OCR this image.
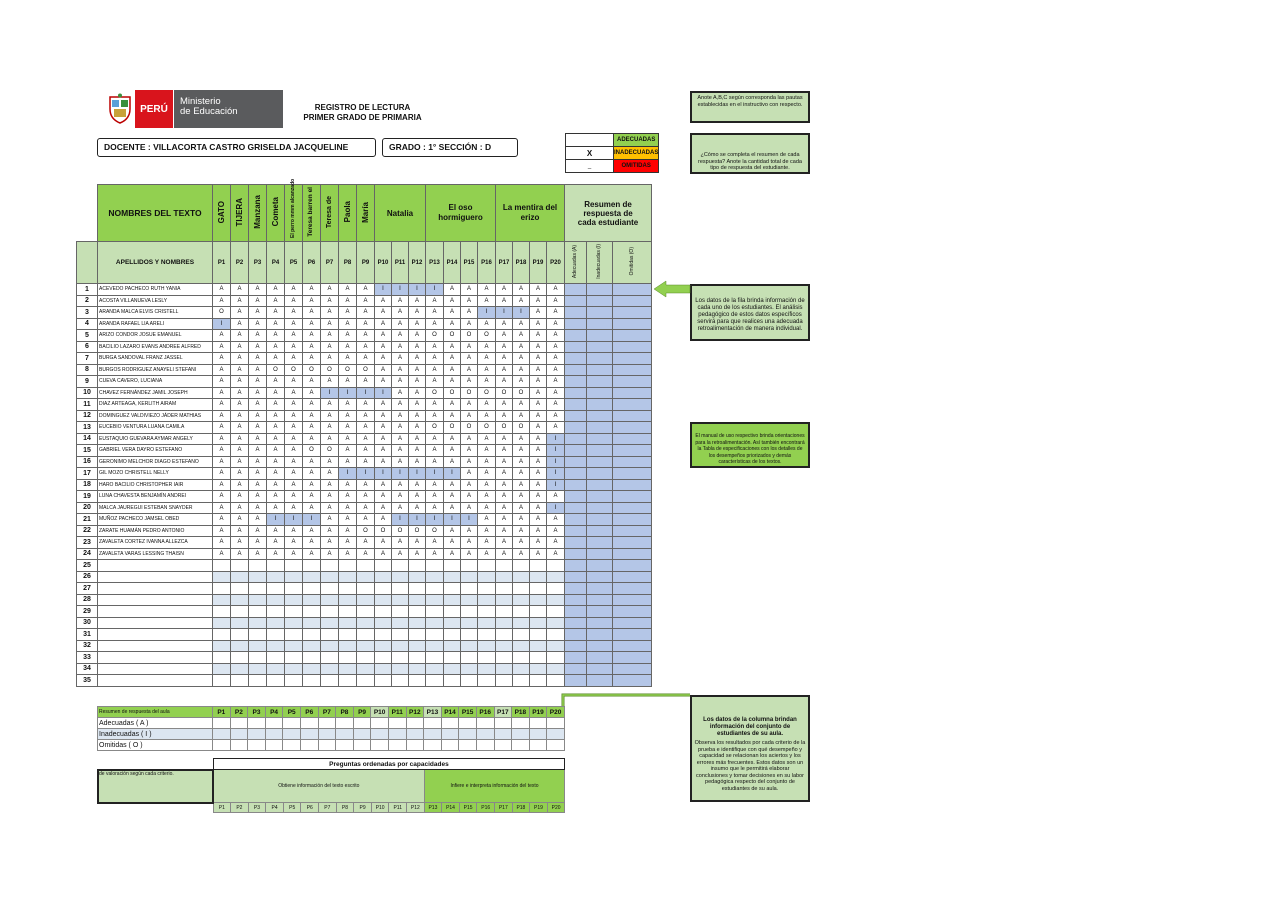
PERÚ
Ministerio
de Educación	REGISTRO DE LECTURA
PRIMER GRADO DE PRIMARIA
DOCENTE : VILLACORTA CASTRO GRISELDA JACQUELINE	GRADO : 1° SECCIÓN : D
	ADECUADAS
X	INADECUADAS
_	OMITIDAS
Anote A,B,C según corresponda las pautas establecidas en el instructivo con respecto.
¿Cómo se completa el resumen de cada respuesta? Anote la cantidad total de cada tipo de respuesta del estudiante.
Los datos de la fila brinda información de cada uno de los estudiantes. El análisis pedagógico de estos datos específicos servirá para que realices una adecuada retroalimentación de manera individual.
El manual de uso respectivo brinda orientaciones para la retroalimentación. Así también encontrará la Tabla de especificaciones con los detalles de los desempeños priorizados y demás características de los textos.
Los datos de la columna brindan información del conjunto de estudiantes de su aula.
Observa los resultados por cada criterio de la prueba e identifique con qué desempeño y capacidad se relacionan los aciertos y los errores más frecuentes. Estos datos son un insumo que le permitirá elaborar conclusiones y tomar decisiones en su labor pedagógica respecto del conjunto de estudiantes de su aula.
	NOMBRES DEL TEXTO	GATO	TIJERA	Manzana	Cometa	El perro mmm alcanzado	Teresa barren el	Teresa de	Paola	María	Natalia			El oso hormiguero				La mentira del erizo				Resumen de respuesta de cada estudiante		
	APELLIDOS Y NOMBRES	P1	P2	P3	P4	P5	P6	P7	P8	P9	P10	P11	P12	P13	P14	P15	P16	P17	P18	P19	P20	Adecuadas (A)	Inadecuadas (I)	Omitidas (O)
1	ACEVEDO PACHECO RUTH YANIA	A	A	A	A	A	A	A	A	A	I	I	I	I	A	A	A	A	A	A	A			
2	ACOSTA VILLANUEVA LESLY	A	A	A	A	A	A	A	A	A	A	A	A	A	A	A	A	A	A	A	A			
3	ARANDA MALCA ELVIS CRISTELL	O	A	A	A	A	A	A	A	A	A	A	A	A	A	A	I	I	I	A	A			
4	ARANDA RAFAEL LIA ARELI	I	A	A	A	A	A	A	A	A	A	A	A	A	A	A	A	A	A	A	A			
5	ARIZO CONDOR JOSUE EMANUEL	A	A	A	A	A	A	A	A	A	A	A	A	O	O	O	O	A	A	A	A			
6	BACILIO LAZARO EVANS ANDREE ALFRED	A	A	A	A	A	A	A	A	A	A	A	A	A	A	A	A	A	A	A	A			
7	BURGA SANDOVAL FRANZ JASSEL	A	A	A	A	A	A	A	A	A	A	A	A	A	A	A	A	A	A	A	A			
8	BURGOS RODRIGUEZ ANAYELI STEFANI	A	A	A	O	O	O	O	O	O	A	A	A	A	A	A	A	A	A	A	A			
9	CUEVA CAVERO, LUCIANA	A	A	A	A	A	A	A	A	A	A	A	A	A	A	A	A	A	A	A	A			
10	CHAVEZ FERNÁNDEZ JAMIL JOSEPH	A	A	A	A	A	A	I	I	I	I	A	A	O	O	O	O	O	O	A	A			
11	DIAZ ARTEAGA, KERLITH AIRAM	A	A	A	A	A	A	A	A	A	A	A	A	A	A	A	A	A	A	A	A			
12	DOMINGUEZ VALDIVIEZO JÁDER MATHIAS	A	A	A	A	A	A	A	A	A	A	A	A	A	A	A	A	A	A	A	A			
13	EUCEBIO VENTURA LUANA CAMILA	A	A	A	A	A	A	A	A	A	A	A	A	O	O	O	O	O	O	A	A			
14	EUSTAQUIO GUEVARA AYMAR ANGELY	A	A	A	A	A	A	A	A	A	A	A	A	A	A	A	A	A	A	A	I			
15	GABRIEL VERA DAYRO ESTEFANO	A	A	A	A	A	O	O	A	A	A	A	A	A	A	A	A	A	A	A	I			
16	GERONIMO MELCHOR DIAGO ESTEFANO	A	A	A	A	A	A	A	A	A	A	A	A	A	A	A	A	A	A	A	I			
17	GIL MOZO CHRISTELL NELLY	A	A	A	A	A	A	A	I	I	I	I	I	I	I	A	A	A	A	A	I			
18	HARO BACILIO CHRISTOPHER IAIR	A	A	A	A	A	A	A	A	A	A	A	A	A	A	A	A	A	A	A	I			
19	LUNA CHAVESTA BENJAMÍN ANDREI	A	A	A	A	A	A	A	A	A	A	A	A	A	A	A	A	A	A	A	A			
20	MALCA JAUREGUI ESTEBAN SNAYDER	A	A	A	A	A	A	A	A	A	A	A	A	A	A	A	A	A	A	A	I			
21	MUÑOZ PACHECO JAMSEL OBED	A	A	A	I	I	I	A	A	A	A	I	I	I	I	I	A	A	A	A	A			
22	ZARATE HUAMÁN PEDRO ANTONIO	A	A	A	A	A	A	A	A	O	O	O	O	O	A	A	A	A	A	A	A			
23	ZAVALETA CORTEZ IVANNA ALLEZCA	A	A	A	A	A	A	A	A	A	A	A	A	A	A	A	A	A	A	A	A			
24	ZAVALETA VARAS LESSING THAISN	A	A	A	A	A	A	A	A	A	A	A	A	A	A	A	A	A	A	A	A			
25																								
26																								
27																								
28																								
29																								
30																								
31																								
32																								
33																								
34																								
35																								
Resumen de respuesta del aula	P1	P2	P3	P4	P5	P6	P7	P8	P9	P10	P11	P12	P13	P14	P15	P16	P17	P18	P19	P20
Adecuadas ( A )																				
Inadecuadas ( I )																				
Omitidas ( O )																				
	Preguntas ordenadas por capacidades																			
de valoración según cada criterio.	Obtiene información del texto escrito												Infiere e interpreta información del texto							
	P1	P2	P3	P4	P5	P6	P7	P8	P9	P10	P11	P12	P13	P14	P15	P16	P17	P18	P19	P20
